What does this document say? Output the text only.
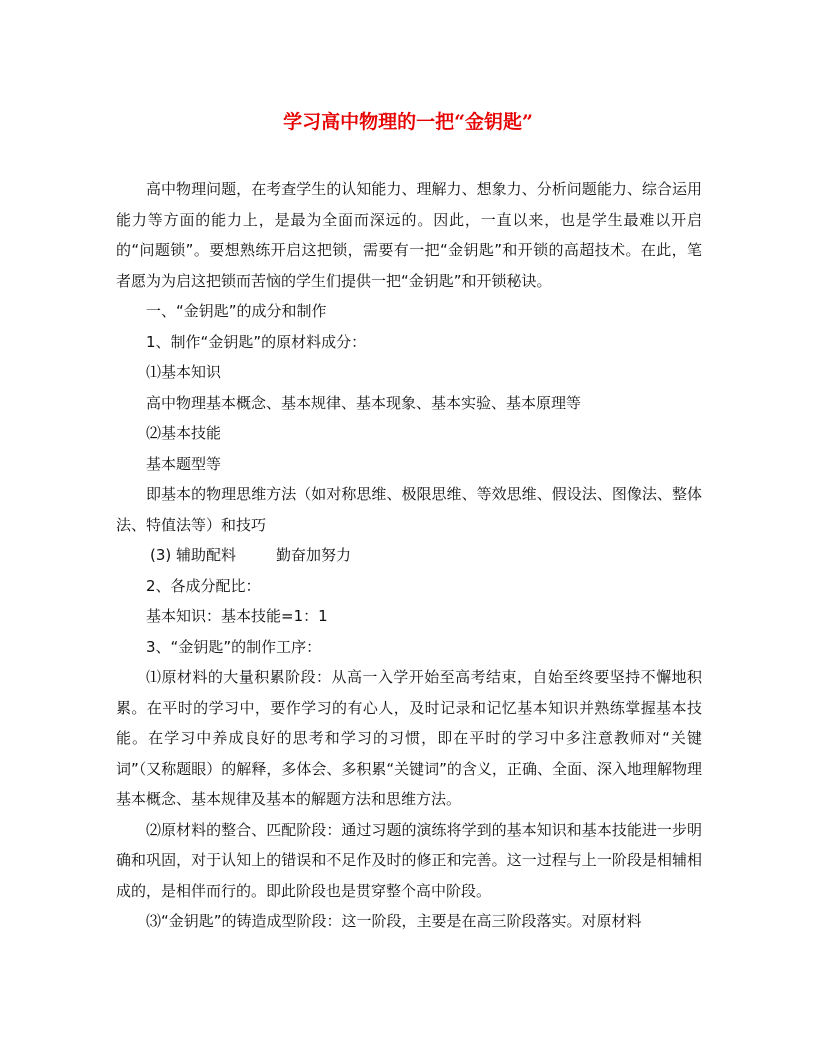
学习高中物理的一把“金钥匙”

高中物理问题，在考查学生的认知能力、理解力、想象力、分析问题能力、综合运用能力等方面的能力上，是最为全面而深远的。因此，一直以来，也是学生最难以开启的“问题锁”。要想熟练开启这把锁，需要有一把“金钥匙”和开锁的高超技术。在此，笔者愿为为启这把锁而苦恼的学生们提供一把“金钥匙”和开锁秘诀。

一、“金钥匙”的成分和制作

1、制作“金钥匙”的原材料成分：

⑴基本知识

高中物理基本概念、基本规律、基本现象、基本实验、基本原理等

⑵基本技能

基本题型等

即基本的物理思维方法（如对称思维、极限思维、等效思维、假设法、图像法、整体法、特值法等）和技巧

(3) 辅助配料	勤奋加努力

2、各成分配比：

基本知识：基本技能=1：1

3、“金钥匙”的制作工序：

⑴原材料的大量积累阶段：从高一入学开始至高考结束，自始至终要坚持不懈地积累。在平时的学习中，要作学习的有心人，及时记录和记忆基本知识并熟练掌握基本技能。在学习中养成良好的思考和学习的习惯，即在平时的学习中多注意教师对“关键词”（又称题眼）的解释，多体会、多积累“关键词”的含义，正确、全面、深入地理解物理基本概念、基本规律及基本的解题方法和思维方法。

⑵原材料的整合、匹配阶段：通过习题的演练将学到的基本知识和基本技能进一步明确和巩固，对于认知上的错误和不足作及时的修正和完善。这一过程与上一阶段是相辅相成的，是相伴而行的。即此阶段也是贯穿整个高中阶段。

⑶“金钥匙”的铸造成型阶段：这一阶段，主要是在高三阶段落实。对原材料
